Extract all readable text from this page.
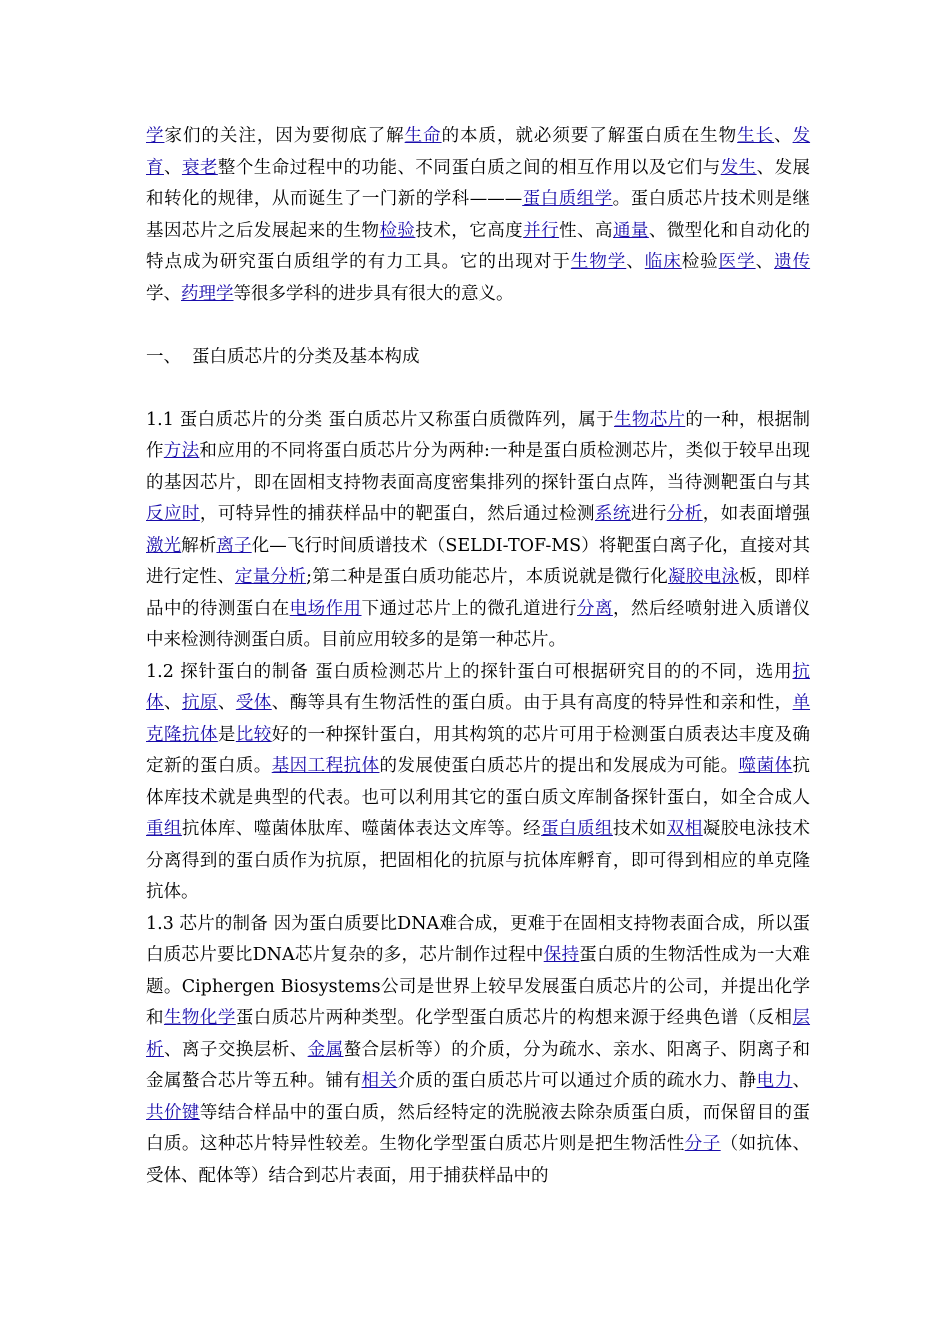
学家们的关注，因为要彻底了解生命的本质，就必须要了解蛋白质在生物生长、发育、衰老整个生命过程中的功能、不同蛋白质之间的相互作用以及它们与发生、发展和转化的规律，从而诞生了一门新的学科———蛋白质组学。蛋白质芯片技术则是继基因芯片之后发展起来的生物检验技术，它高度并行性、高通量、微型化和自动化的特点成为研究蛋白质组学的有力工具。它的出现对于生物学、临床检验医学、遗传学、药理学等很多学科的进步具有很大的意义。

一、 蛋白质芯片的分类及基本构成

1.1 蛋白质芯片的分类 蛋白质芯片又称蛋白质微阵列，属于生物芯片的一种，根据制作方法和应用的不同将蛋白质芯片分为两种:一种是蛋白质检测芯片，类似于较早出现的基因芯片，即在固相支持物表面高度密集排列的探针蛋白点阵，当待测靶蛋白与其反应时，可特异性的捕获样品中的靶蛋白，然后通过检测系统进行分析，如表面增强激光解析离子化—飞行时间质谱技术（SELDI-TOF-MS）将靶蛋白离子化，直接对其进行定性、定量分析;第二种是蛋白质功能芯片，本质说就是微行化凝胶电泳板，即样品中的待测蛋白在电场作用下通过芯片上的微孔道进行分离，然后经喷射进入质谱仪中来检测待测蛋白质。目前应用较多的是第一种芯片。

1.2 探针蛋白的制备 蛋白质检测芯片上的探针蛋白可根据研究目的的不同，选用抗体、抗原、受体、酶等具有生物活性的蛋白质。由于具有高度的特异性和亲和性，单克隆抗体是比较好的一种探针蛋白，用其构筑的芯片可用于检测蛋白质表达丰度及确定新的蛋白质。基因工程抗体的发展使蛋白质芯片的提出和发展成为可能。噬菌体抗体库技术就是典型的代表。也可以利用其它的蛋白质文库制备探针蛋白，如全合成人重组抗体库、噬菌体肽库、噬菌体表达文库等。经蛋白质组技术如双相凝胶电泳技术分离得到的蛋白质作为抗原，把固相化的抗原与抗体库孵育，即可得到相应的单克隆抗体。

1.3 芯片的制备 因为蛋白质要比DNA难合成，更难于在固相支持物表面合成，所以蛋白质芯片要比DNA芯片复杂的多，芯片制作过程中保持蛋白质的生物活性成为一大难题。Ciphergen Biosystems公司是世界上较早发展蛋白质芯片的公司，并提出化学和生物化学蛋白质芯片两种类型。化学型蛋白质芯片的构想来源于经典色谱（反相层析、离子交换层析、金属螯合层析等）的介质，分为疏水、亲水、阳离子、阴离子和金属螯合芯片等五种。铺有相关介质的蛋白质芯片可以通过介质的疏水力、静电力、共价键等结合样品中的蛋白质，然后经特定的洗脱液去除杂质蛋白质，而保留目的蛋白质。这种芯片特异性较差。生物化学型蛋白质芯片则是把生物活性分子（如抗体、受体、配体等）结合到芯片表面，用于捕获样品中的
